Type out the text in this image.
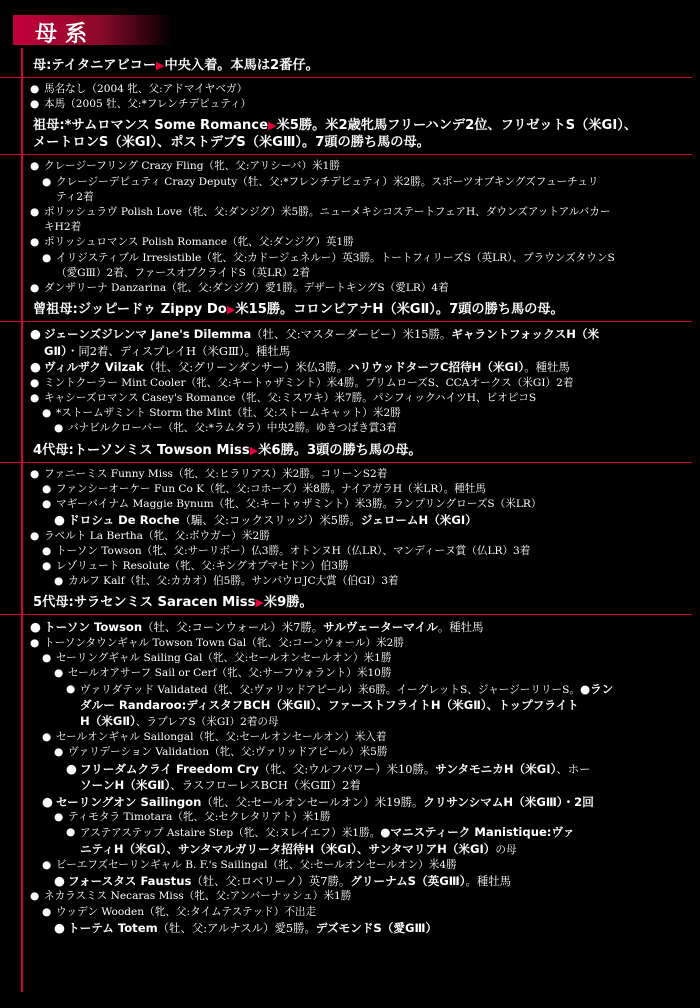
母系
母:テイタニアビコー▶中央入着。本馬は2番仔。
● 馬名なし（2004 牝、父:アドマイヤベガ）
● 本馬（2005 牡、父:*フレンチデピュティ）
祖母:*サムロマンス Some Romance▶米5勝。米2歳牝馬フリーハンデ2位、フリゼットS（米GⅠ）、
メートロンS（米GⅠ）、ポストデブS（米GⅢ）。7頭の勝ち馬の母。
● クレージーフリング Crazy Fling（牝、父:アリシーバ）米1勝
● クレージーデピュティ Crazy Deputy（牡、父:*フレンチデピュティ）米2勝。スポーツオブキングズフューチュリ
ティ2着
● ポリッシュラヴ Polish Love（牝、父:ダンジグ）米5勝。ニューメキシコステートフェアH、ダウンズアットアルバカー
キH2着
● ポリッシュロマンス Polish Romance（牝、父:ダンジグ）英1勝
● イリジスティブル Irresistible（牝、父:カドージェネルー）英3勝。トートフィリーズS（英LR）、ブラウンズタウンS
（愛GⅢ）2着、ファースオブクライドS（英LR）2着
● ダンザリーナ Danzarina（牝、父:ダンジグ）愛1勝。デザートキングS（愛LR）4着
曾祖母:ジッピードゥ Zippy Do▶米15勝。コロンビアナH（米GⅡ）。7頭の勝ち馬の母。
● ジェーンズジレンマ Jane's Dilemma（牡、父:マスターダービー）米15勝。ギャラントフォックスH（米
GⅡ）・同2着、ディスプレイH（米GⅢ）。種牡馬
● ヴィルザク Vilzak（牡、父:グリーンダンサー）米仏3勝。ハリウッドターフC招待H（米GⅠ）。種牡馬
● ミントクーラー Mint Cooler（牝、父:キートゥザミント）米4勝。プリムローズS、CCAオークス（米GⅠ）2着
● キャシーズロマンス Casey's Romance（牝、父:ミスワキ）米7勝。パシフィックハイツH、ビオピコS
● *ストームザミント Storm the Mint（牡、父:ストームキャット）米2勝
● バナビルクローバー（牝、父:*ラムタラ）中央2勝。ゆきつばき賞3着
4代母:トーソンミス Towson Miss▶米6勝。3頭の勝ち馬の母。
● ファニーミス Funny Miss（牝、父:ヒラリアス）米2勝。コリーンS2着
● ファンシーオーケー Fun Co K（牝、父:コホーズ）米8勝。ナイアガラH（米LR）。種牡馬
● マギーバイナム Maggie Bynum（牝、父:キートゥザミント）米3勝。ランプリングローズS（米LR）
● ドロシュ De Roche（騸、父:コックスリッジ）米5勝。ジェロームH（米GⅠ）
● ラベルト La Bertha（牝、父:ボウガー）米2勝
● トーソン Towson（牝、父:サーリボー）仏3勝。オトンヌH（仏LR）、マンディーヌ賞（仏LR）3着
● レゾリュート Resolute（牝、父:キングオブマセドン）伯3勝
● カルフ Kalf（牡、父:カカオ）伯5勝。サンパウロJC大賞（伯GⅠ）3着
5代母:サラセンミス Saracen Miss▶米9勝。
● トーソン Towson（牡、父:コーンウォール）米7勝。サルヴェーターマイル。種牡馬
● トーソンタウンギャル Towson Town Gal（牝、父:コーンウォール）米2勝
● セーリングギャル Sailing Gal（牝、父:セールオンセールオン）米1勝
● セールオアサーフ Sail or Cerf（牝、父:サーフウォラント）米10勝
● ヴァリダテッド Validated（牝、父:ヴァリッドアピール）米6勝。イーグレットS、ジャージーリリーS。●ラン
ダルー Randaroo:ディスタフBCH（米GⅡ）、ファーストフライトH（米GⅡ）、トップフライト
H（米GⅡ）、ラブレアS（米GⅠ）2着の母
● セールオンギャル Sailongal（牝、父:セールオンセールオン）米入着
● ヴァリデーション Validation（牝、父:ヴァリッドアピール）米5勝
● フリーダムクライ Freedom Cry（牝、父:ウルフパワー）米10勝。サンタモニカH（米GⅠ）、ホー
ソーンH（米GⅡ）、ラスフローレスBCH（米GⅢ）2着
● セーリングオン Sailingon（牝、父:セールオンセールオン）米19勝。クリサンシマムH（米GⅢ）・2回
● ティモタラ Timotara（牝、父:セクレタリアト）米1勝
● アステアステップ Astaire Step（牝、父:ヌレイエフ）米1勝。●マニスティーク Manistique:ヴァ
ニティH（米GⅠ）、サンタマルガリータ招待H（米GⅠ）、サンタマリアH（米GⅠ）の母
● ビーエフズセーリンギャル B. F.'s Sailingal（牝、父:セールオンセールオン）米4勝
● フォースタス Faustus（牡、父:ロベリーノ）英7勝。グリーナムS（英GⅢ）。種牡馬
● ネカラスミス Necaras Miss（牝、父:アンバーナッシュ）米1勝
● ウッデン Wooden（牝、父:タイムテステッド）不出走
● トーテム Totem（牡、父:アルナスル）愛5勝。デズモンドS（愛GⅢ）
